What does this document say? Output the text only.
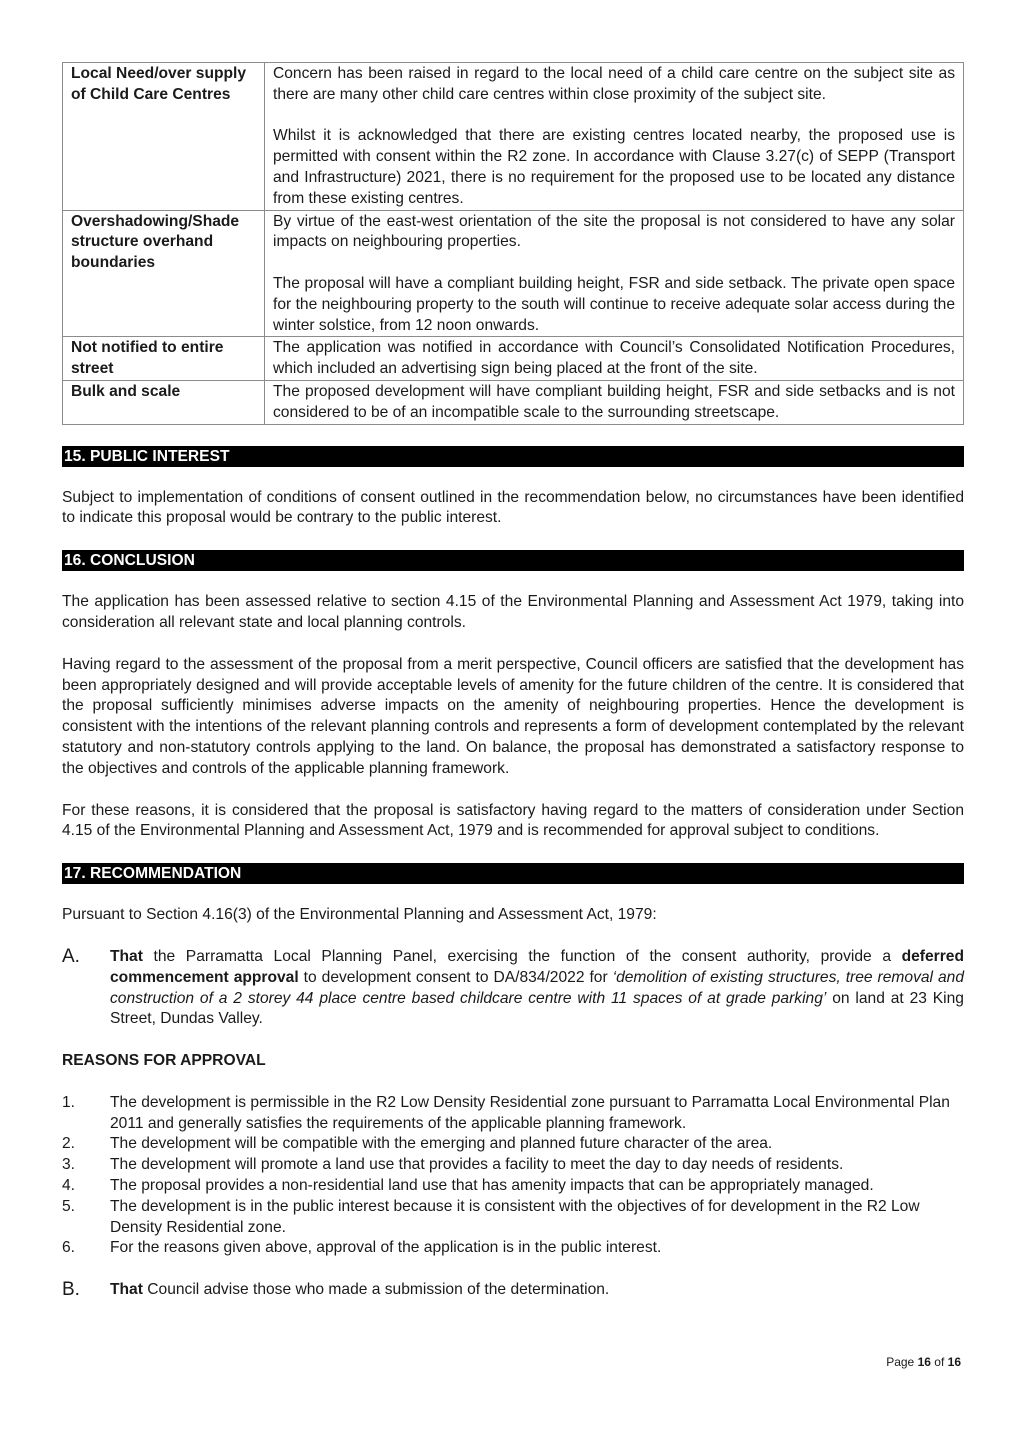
Local Need/over supply of Child Care Centres	Concern has been raised in regard to the local need of a child care centre on the subject site as there are many other child care centres within close proximity of the subject site.

Whilst it is acknowledged that there are existing centres located nearby, the proposed use is permitted with consent within the R2 zone. In accordance with Clause 3.27(c) of SEPP (Transport and Infrastructure) 2021, there is no requirement for the proposed use to be located any distance from these existing centres.

Overshadowing/Shade structure overhand boundaries	By virtue of the east-west orientation of the site the proposal is not considered to have any solar impacts on neighbouring properties.

The proposal will have a compliant building height, FSR and side setback. The private open space for the neighbouring property to the south will continue to receive adequate solar access during the winter solstice, from 12 noon onwards.

Not notified to entire street	The application was notified in accordance with Council’s Consolidated Notification Procedures, which included an advertising sign being placed at the front of the site.

Bulk and scale	The proposed development will have compliant building height, FSR and side setbacks and is not considered to be of an incompatible scale to the surrounding streetscape.

15. PUBLIC INTEREST

Subject to implementation of conditions of consent outlined in the recommendation below, no circumstances have been identified to indicate this proposal would be contrary to the public interest.

16. CONCLUSION

The application has been assessed relative to section 4.15 of the Environmental Planning and Assessment Act 1979, taking into consideration all relevant state and local planning controls.

Having regard to the assessment of the proposal from a merit perspective, Council officers are satisfied that the development has been appropriately designed and will provide acceptable levels of amenity for the future children of the centre. It is considered that the proposal sufficiently minimises adverse impacts on the amenity of neighbouring properties. Hence the development is consistent with the intentions of the relevant planning controls and represents a form of development contemplated by the relevant statutory and non-statutory controls applying to the land. On balance, the proposal has demonstrated a satisfactory response to the objectives and controls of the applicable planning framework.

For these reasons, it is considered that the proposal is satisfactory having regard to the matters of consideration under Section 4.15 of the Environmental Planning and Assessment Act, 1979 and is recommended for approval subject to conditions.

17. RECOMMENDATION

Pursuant to Section 4.16(3) of the Environmental Planning and Assessment Act, 1979:

A.	That the Parramatta Local Planning Panel, exercising the function of the consent authority, provide a deferred commencement approval to development consent to DA/834/2022 for ‘demolition of existing structures, tree removal and construction of a 2 storey 44 place centre based childcare centre with 11 spaces of at grade parking’ on land at 23 King Street, Dundas Valley.

REASONS FOR APPROVAL

1.	The development is permissible in the R2 Low Density Residential zone pursuant to Parramatta Local Environmental Plan 2011 and generally satisfies the requirements of the applicable planning framework.
2.	The development will be compatible with the emerging and planned future character of the area.
3.	The development will promote a land use that provides a facility to meet the day to day needs of residents.
4.	The proposal provides a non-residential land use that has amenity impacts that can be appropriately managed.
5.	The development is in the public interest because it is consistent with the objectives of for development in the R2 Low Density Residential zone.
6.	For the reasons given above, approval of the application is in the public interest.
B.	That Council advise those who made a submission of the determination.
Page 16 of 16
